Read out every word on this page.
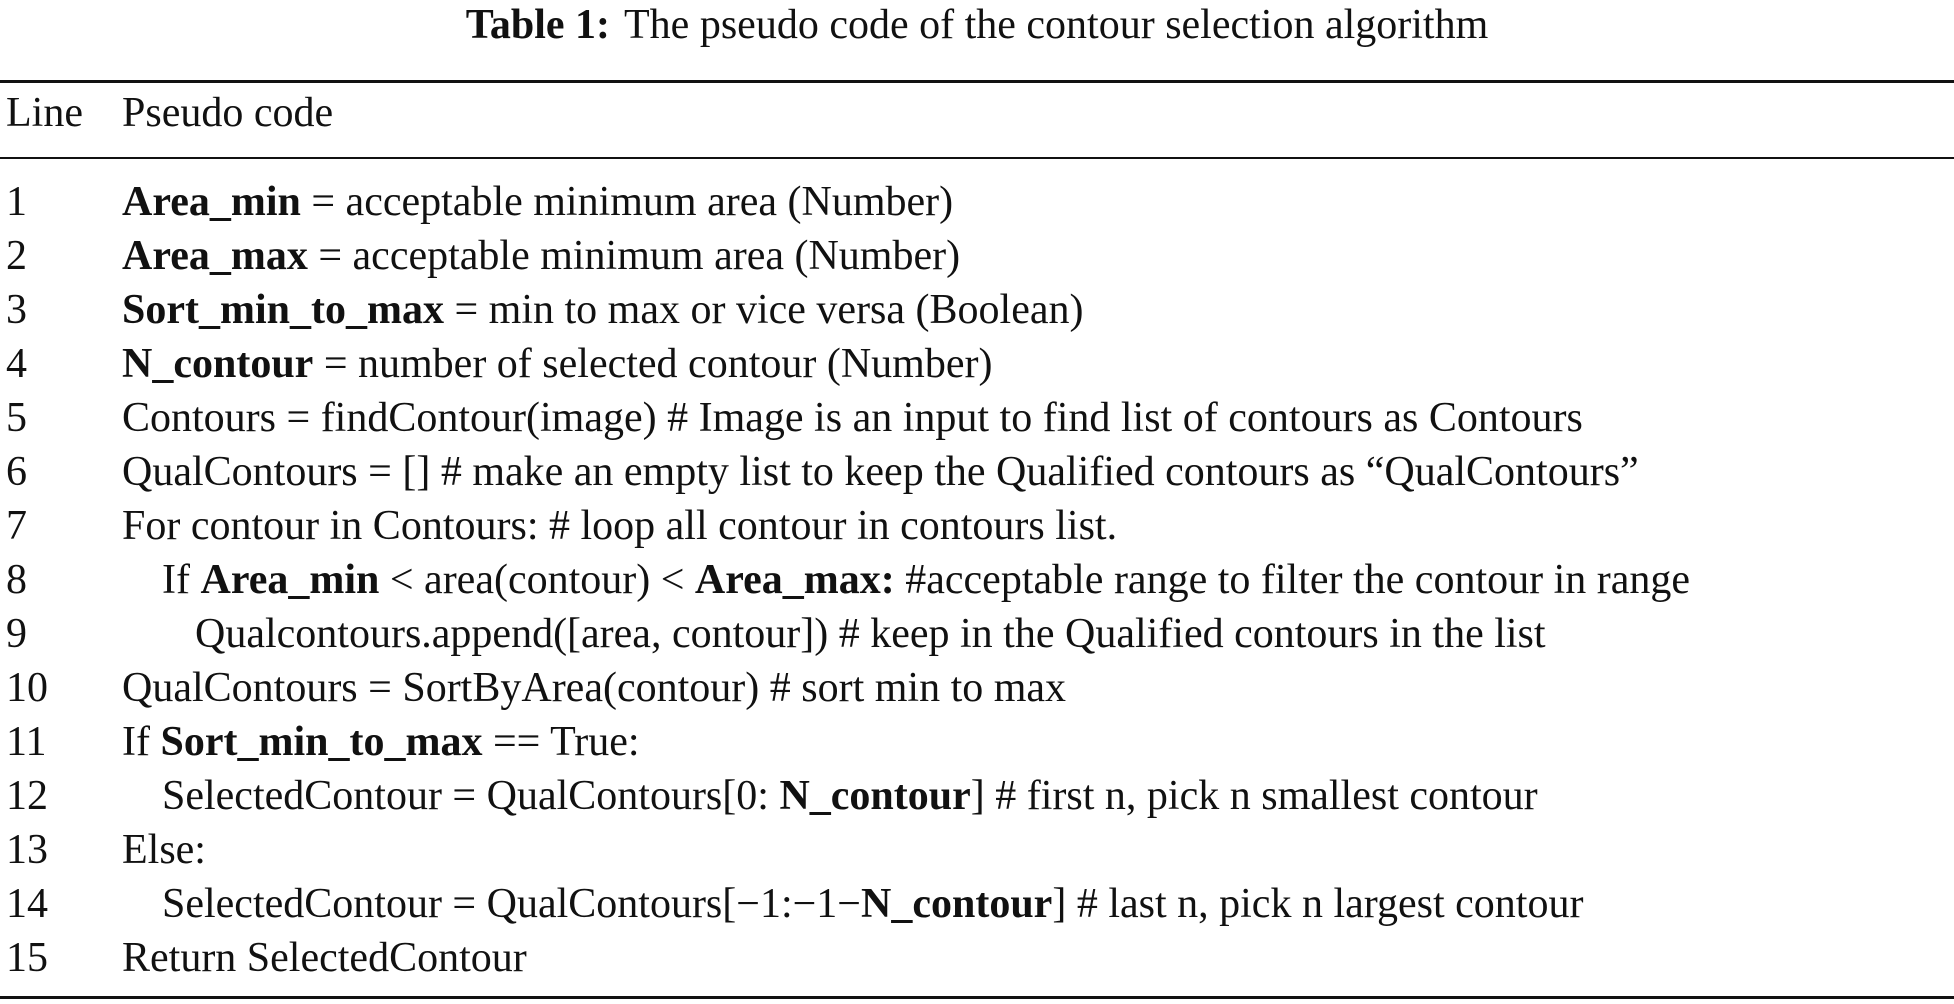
Table 1: The pseudo code of the contour selection algorithm
Line Pseudo code
1 Area_min = acceptable minimum area (Number)
2 Area_max = acceptable minimum area (Number)
3 Sort_min_to_max = min to max or vice versa (Boolean)
4 N_contour = number of selected contour (Number)
5 Contours = findContour(image) # Image is an input to find list of contours as Contours
6 QualContours = [] # make an empty list to keep the Qualified contours as “QualContours”
7 For contour in Contours: # loop all contour in contours list.
8	If Area_min < area(contour) < Area_max: #acceptable range to filter the contour in range
9	Qualcontours.append([area, contour]) # keep in the Qualified contours in the list
10 QualContours = SortByArea(contour) # sort min to max
11 If Sort_min_to_max == True:
12	SelectedContour = QualContours[0: N_contour] # first n, pick n smallest contour
13 Else:
14	SelectedContour = QualContours[−1:−1−N_contour] # last n, pick n largest contour
15 Return SelectedContour
